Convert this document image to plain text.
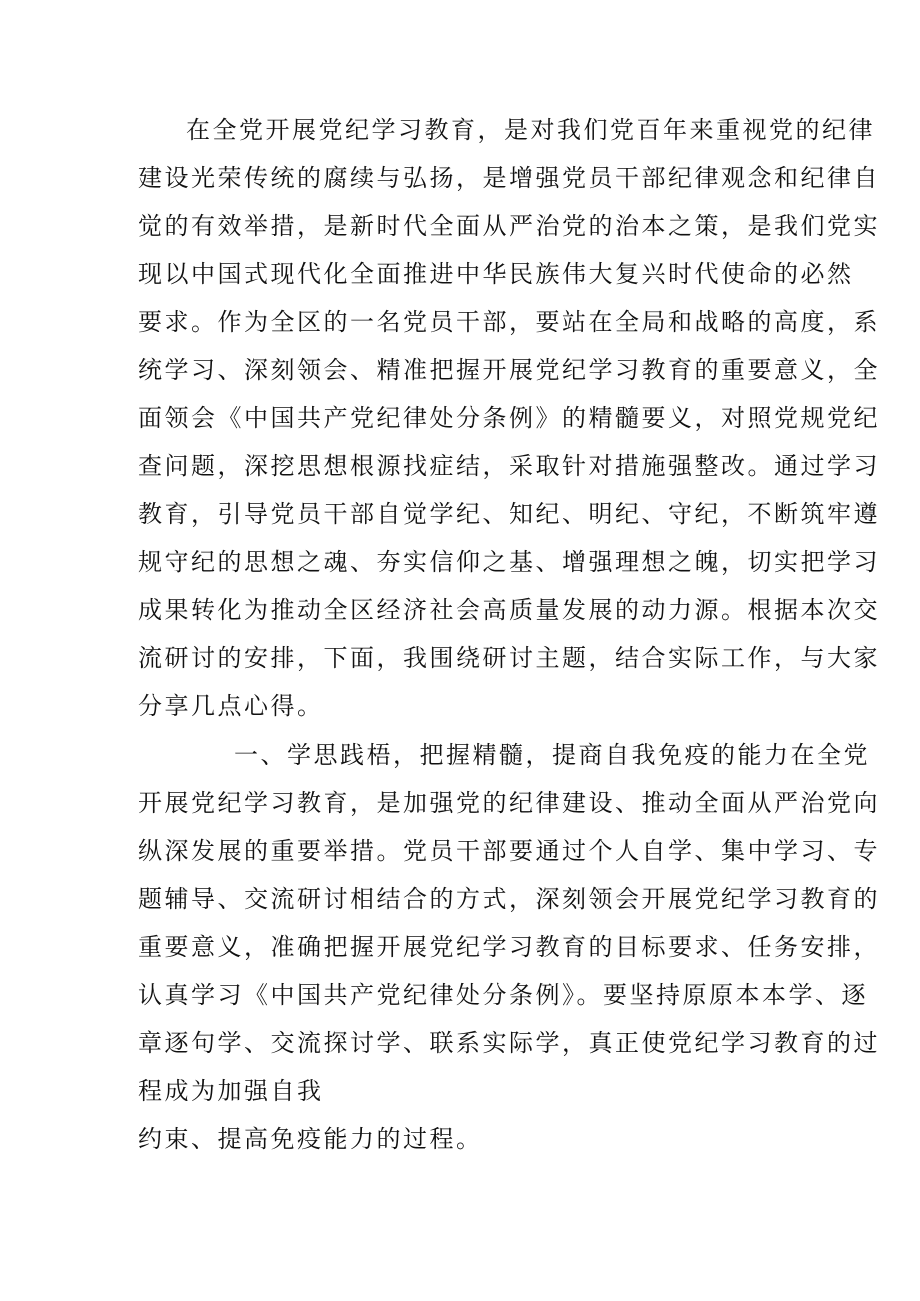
在全党开展党纪学习教育，是对我们党百年来重视党的纪律
建设光荣传统的腐续与弘扬，是增强党员干部纪律观念和纪律自
觉的有效举措，是新时代全面从严治党的治本之策，是我们党实
现以中国式现代化全面推进中华民族伟大复兴时代使命的必然
要求。作为全区的一名党员干部，要站在全局和战略的高度，系
统学习、深刻领会、精准把握开展党纪学习教育的重要意义，全
面领会《中国共产党纪律处分条例》的精髓要义，对照党规党纪
查问题，深挖思想根源找症结，采取针对措施强整改。通过学习
教育，引导党员干部自觉学纪、知纪、明纪、守纪，不断筑牢遵
规守纪的思想之魂、夯实信仰之基、增强理想之魄，切实把学习
成果转化为推动全区经济社会高质量发展的动力源。根据本次交
流研讨的安排，下面，我围绕研讨主题，结合实际工作，与大家
分享几点心得。
一、学思践梧，把握精髓，提商自我免疫的能力在全党
开展党纪学习教育，是加强党的纪律建设、推动全面从严治党向
纵深发展的重要举措。党员干部要通过个人自学、集中学习、专
题辅导、交流研讨相结合的方式，深刻领会开展党纪学习教育的
重要意义，准确把握开展党纪学习教育的目标要求、任务安排，
认真学习《中国共产党纪律处分条例》。要坚持原原本本学、逐
章逐句学、交流探讨学、联系实际学，真正使党纪学习教育的过
程成为加强自我
约束、提高免疫能力的过程。
